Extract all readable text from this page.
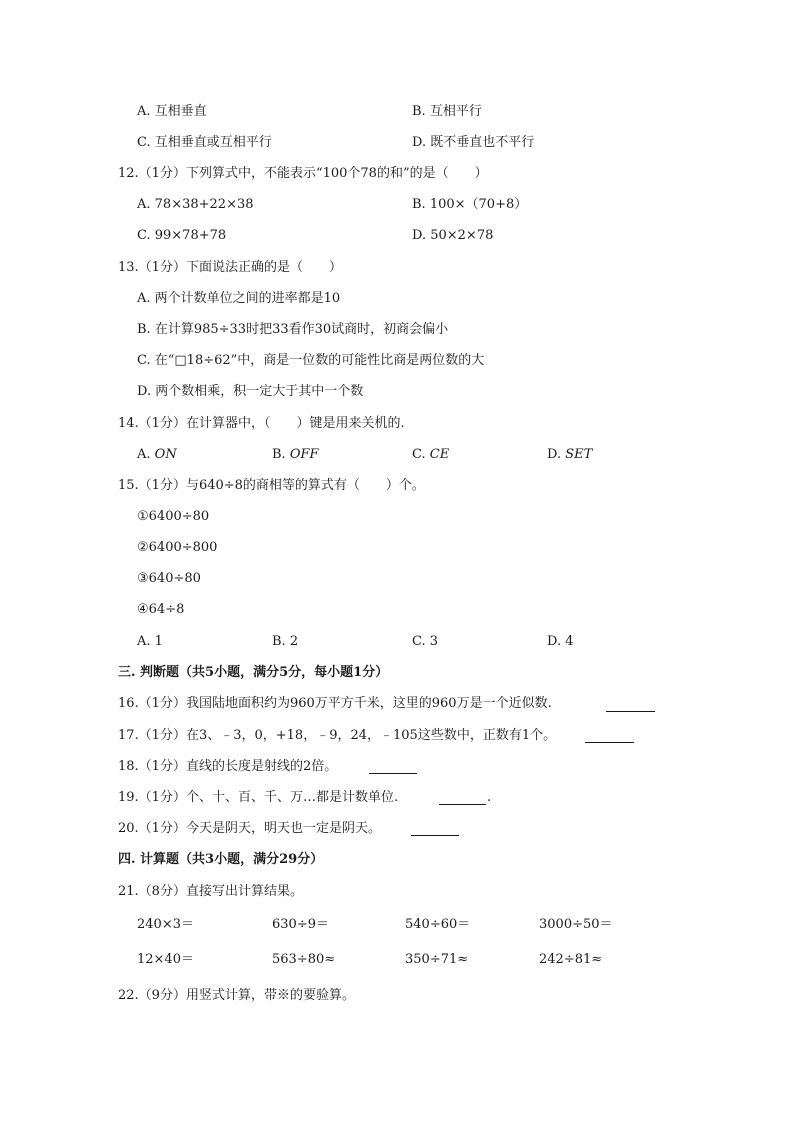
A. 互相垂直	B. 互相平行
C. 互相垂直或互相平行	D. 既不垂直也不平行
12.（1分）下列算式中，不能表示“100个78的和”的是（　　）
A. 78×38+22×38	B. 100×（70+8）
C. 99×78+78	D. 50×2×78
13.（1分）下面说法正确的是（　　）
A. 两个计数单位之间的进率都是10
B. 在计算985÷33时把33看作30试商时，初商会偏小
C. 在“□18÷62”中，商是一位数的可能性比商是两位数的大
D. 两个数相乘，积一定大于其中一个数
14.（1分）在计算器中，（　　）键是用来关机的.
A. ON	B. OFF	C. CE	D. SET
15.（1分）与640÷8的商相等的算式有（　　）个。
①6400÷80
②6400÷800
③640÷80
④64÷8
A. 1	B. 2	C. 3	D. 4
三. 判断题（共5小题，满分5分，每小题1分）
16.（1分）我国陆地面积约为960万平方千米，这里的960万是一个近似数.
17.（1分）在3、﹣3，0，+18，﹣9，24，﹣105这些数中，正数有1个。
18.（1分）直线的长度是射线的2倍。
19.（1分）个、十、百、千、万…都是计数单位.	.
20.（1分）今天是阴天，明天也一定是阴天。
四. 计算题（共3小题，满分29分）
21.（8分）直接写出计算结果。
240×3＝	630÷9＝	540÷60＝	3000÷50＝
12×40＝	563÷80≈	350÷71≈	242÷81≈
22.（9分）用竖式计算，带※的要验算。
